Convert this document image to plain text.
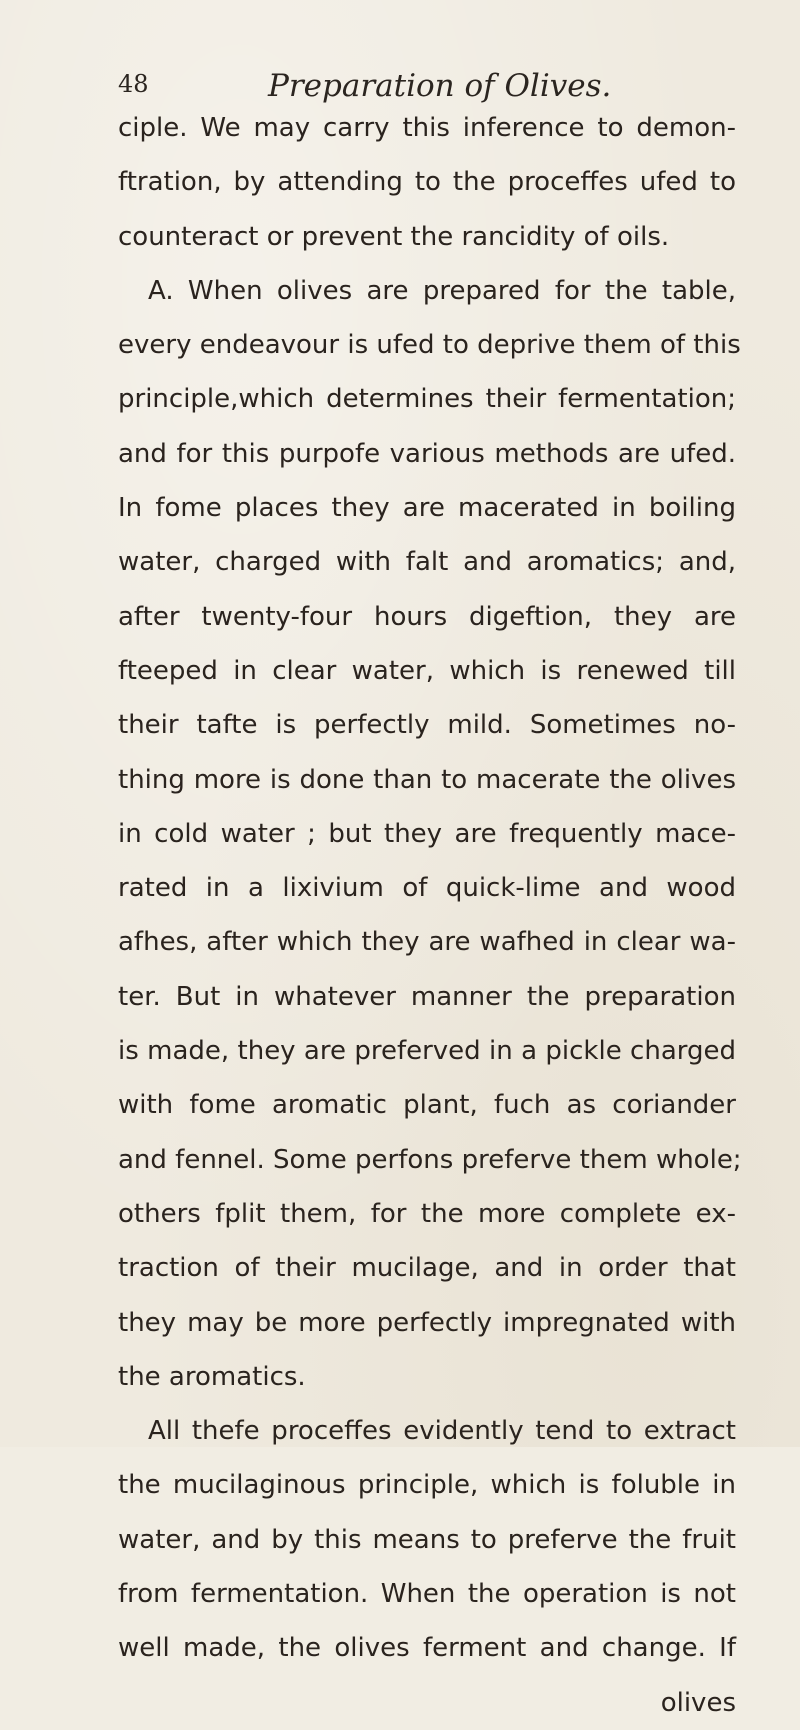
48	Preparation of Olives.
ciple. We may carry this inference to demon-
ftration, by attending to the proceffes ufed to
counteract or prevent the rancidity of oils.
A. When olives are prepared for the table,
every endeavour is ufed to deprive them of this
principle,which determines their fermentation;
and for this purpofe various methods are ufed.
In fome places they are macerated in boiling
water, charged with falt and aromatics; and,
after twenty-four hours digeftion, they are
fteeped in clear water, which is renewed till
their tafte is perfectly mild. Sometimes no-
thing more is done than to macerate the olives
in cold water ; but they are frequently mace-
rated in a lixivium of quick-lime and wood
afhes, after which they are wafhed in clear wa-
ter. But in whatever manner the preparation
is made, they are preferved in a pickle charged
with fome aromatic plant, fuch as coriander
and fennel. Some perfons preferve them whole;
others fplit them, for the more complete ex-
traction of their mucilage, and in order that
they may be more perfectly impregnated with
the aromatics.
All thefe proceffes evidently tend to extract
the mucilaginous principle, which is foluble in
water, and by this means to preferve the fruit
from fermentation. When the operation is not
well made, the olives ferment and change. If
olives
